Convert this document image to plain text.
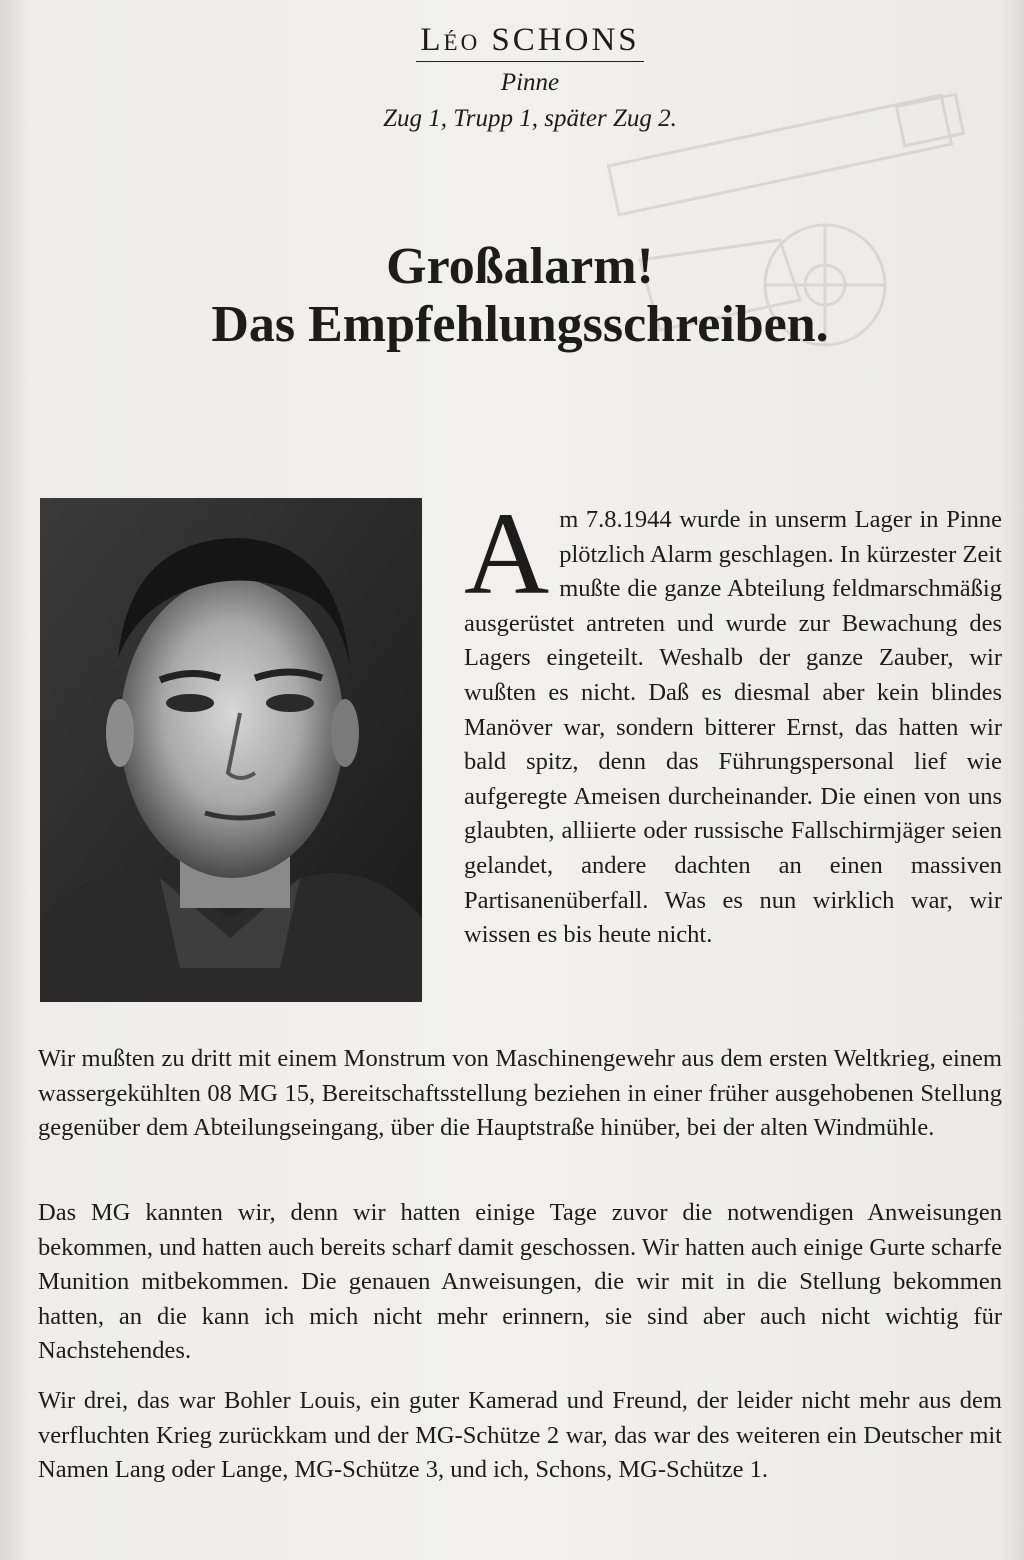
Léo SCHONS
Pinne
Zug 1, Trupp 1, später Zug 2.
Großalarm!
Das Empfehlungsschreiben.

Am 7.8.1944 wurde in unserm Lager in Pinne plötzlich Alarm geschlagen. In kürzester Zeit mußte die ganze Abteilung feldmarschmäßig ausgerüstet antreten und wurde zur Bewachung des Lagers eingeteilt. Weshalb der ganze Zauber, wir wußten es nicht. Daß es diesmal aber kein blindes Manöver war, sondern bitterer Ernst, das hatten wir bald spitz, denn das Führungspersonal lief wie aufgeregte Ameisen durcheinander. Die einen von uns glaubten, alliierte oder russische Fallschirmjäger seien gelandet, andere dachten an einen massiven Partisanenüberfall. Was es nun wirklich war, wir wissen es bis heute nicht.

Wir mußten zu dritt mit einem Monstrum von Maschinengewehr aus dem ersten Weltkrieg, einem wassergekühlten 08 MG 15, Bereitschaftsstellung beziehen in einer früher ausgehobenen Stellung gegenüber dem Abteilungseingang, über die Hauptstraße hinüber, bei der alten Windmühle.

Das MG kannten wir, denn wir hatten einige Tage zuvor die notwendigen Anweisungen bekommen, und hatten auch bereits scharf damit geschossen. Wir hatten auch einige Gurte scharfe Munition mitbekommen. Die genauen Anweisungen, die wir mit in die Stellung bekommen hatten, an die kann ich mich nicht mehr erinnern, sie sind aber auch nicht wichtig für Nachstehendes.

Wir drei, das war Bohler Louis, ein guter Kamerad und Freund, der leider nicht mehr aus dem verfluchten Krieg zurückkam und der MG-Schütze 2 war, das war des weiteren ein Deutscher mit Namen Lang oder Lange, MG-Schütze 3, und ich, Schons, MG-Schütze 1.
